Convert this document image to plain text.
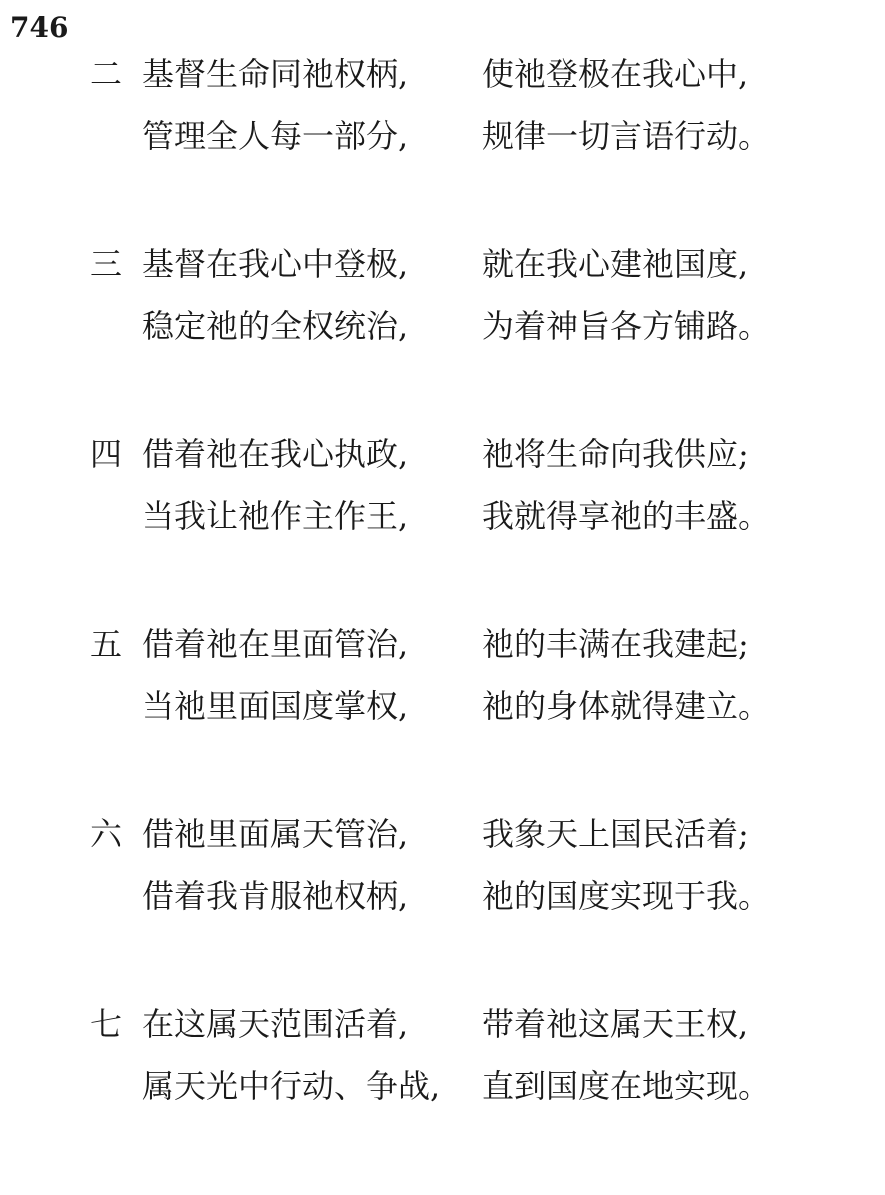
746
二 基督生命同祂权柄, 使祂登极在我心中,
管理全人每一部分, 规律一切言语行动。
三 基督在我心中登极, 就在我心建祂国度,
稳定祂的全权统治, 为着神旨各方铺路。
四 借着祂在我心执政, 祂将生命向我供应;
当我让祂作主作王, 我就得享祂的丰盛。
五 借着祂在里面管治, 祂的丰满在我建起;
当祂里面国度掌权, 祂的身体就得建立。
六 借祂里面属天管治, 我象天上国民活着;
借着我肯服祂权柄, 祂的国度实现于我。
七 在这属天范围活着, 带着祂这属天王权,
属天光中行动、争战, 直到国度在地实现。
